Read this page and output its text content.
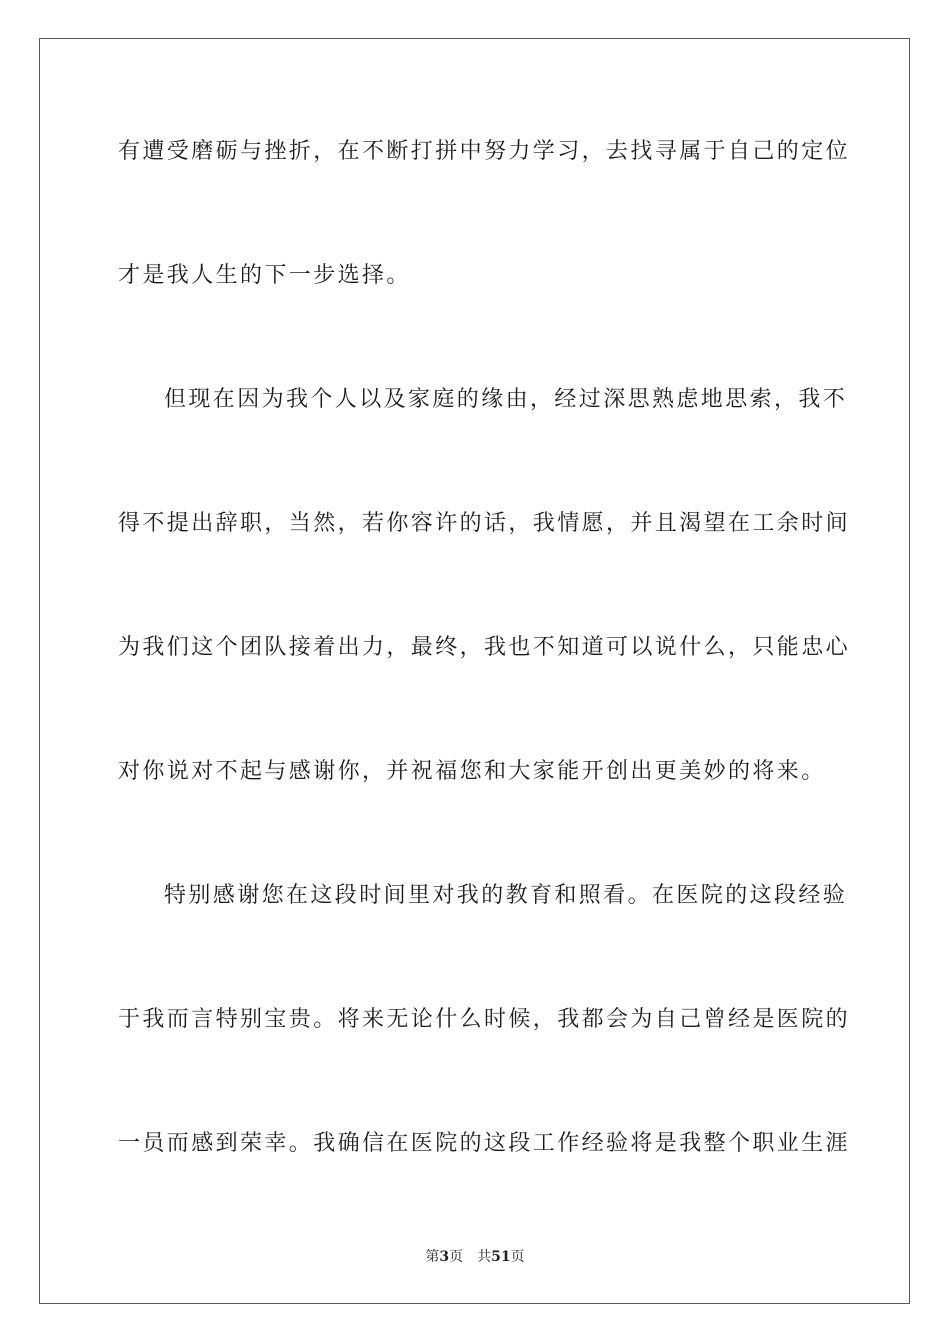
有遭受磨砺与挫折，在不断打拼中努力学习，去找寻属于自己的定位
才是我人生的下一步选择。
但现在因为我个人以及家庭的缘由，经过深思熟虑地思索，我不
得不提出辞职，当然，若你容许的话，我情愿，并且渴望在工余时间
为我们这个团队接着出力，最终，我也不知道可以说什么，只能忠心
对你说对不起与感谢你，并祝福您和大家能开创出更美妙的将来。
特别感谢您在这段时间里对我的教育和照看。在医院的这段经验
于我而言特别宝贵。将来无论什么时候，我都会为自己曾经是医院的
一员而感到荣幸。我确信在医院的这段工作经验将是我整个职业生涯
第3页 共51页
